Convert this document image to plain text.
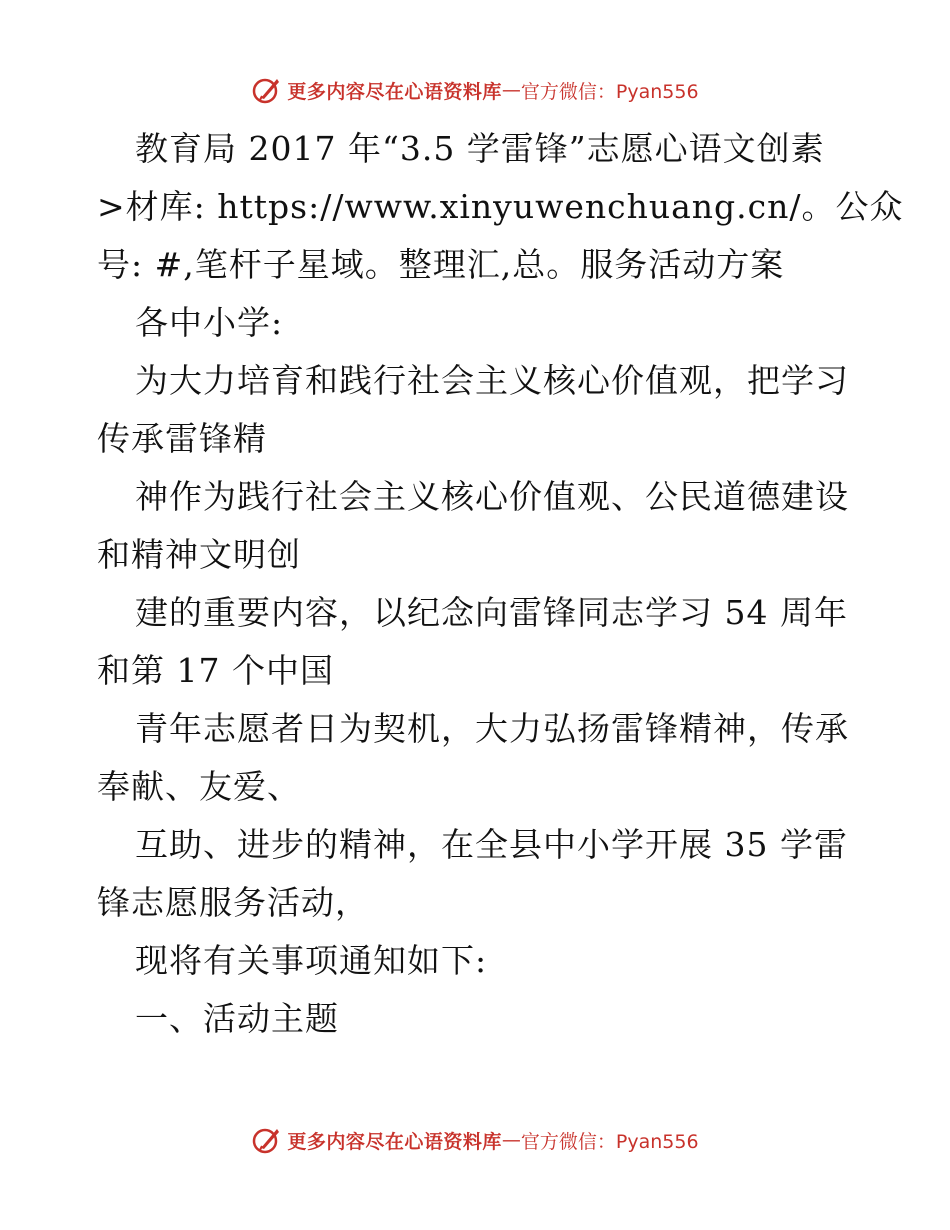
更多内容尽在心语资料库 — 官方微信：Pyan556

教育局 2017 年“3.5 学雷锋”志愿心语文创素

>材库: https://www.xinyuwenchuang.cn/。公众

号: #,笔杆子星域。整理汇,总。服务活动方案

各中小学:

为大力培育和践行社会主义核心价值观，把学习

传承雷锋精

神作为践行社会主义核心价值观、公民道德建设

和精神文明创

建的重要内容，以纪念向雷锋同志学习 54 周年

和第 17 个中国

青年志愿者日为契机，大力弘扬雷锋精神，传承

奉献、友爱、

互助、进步的精神，在全县中小学开展 35 学雷

锋志愿服务活动，

现将有关事项通知如下:

一、活动主题

更多内容尽在心语资料库 — 官方微信：Pyan556
